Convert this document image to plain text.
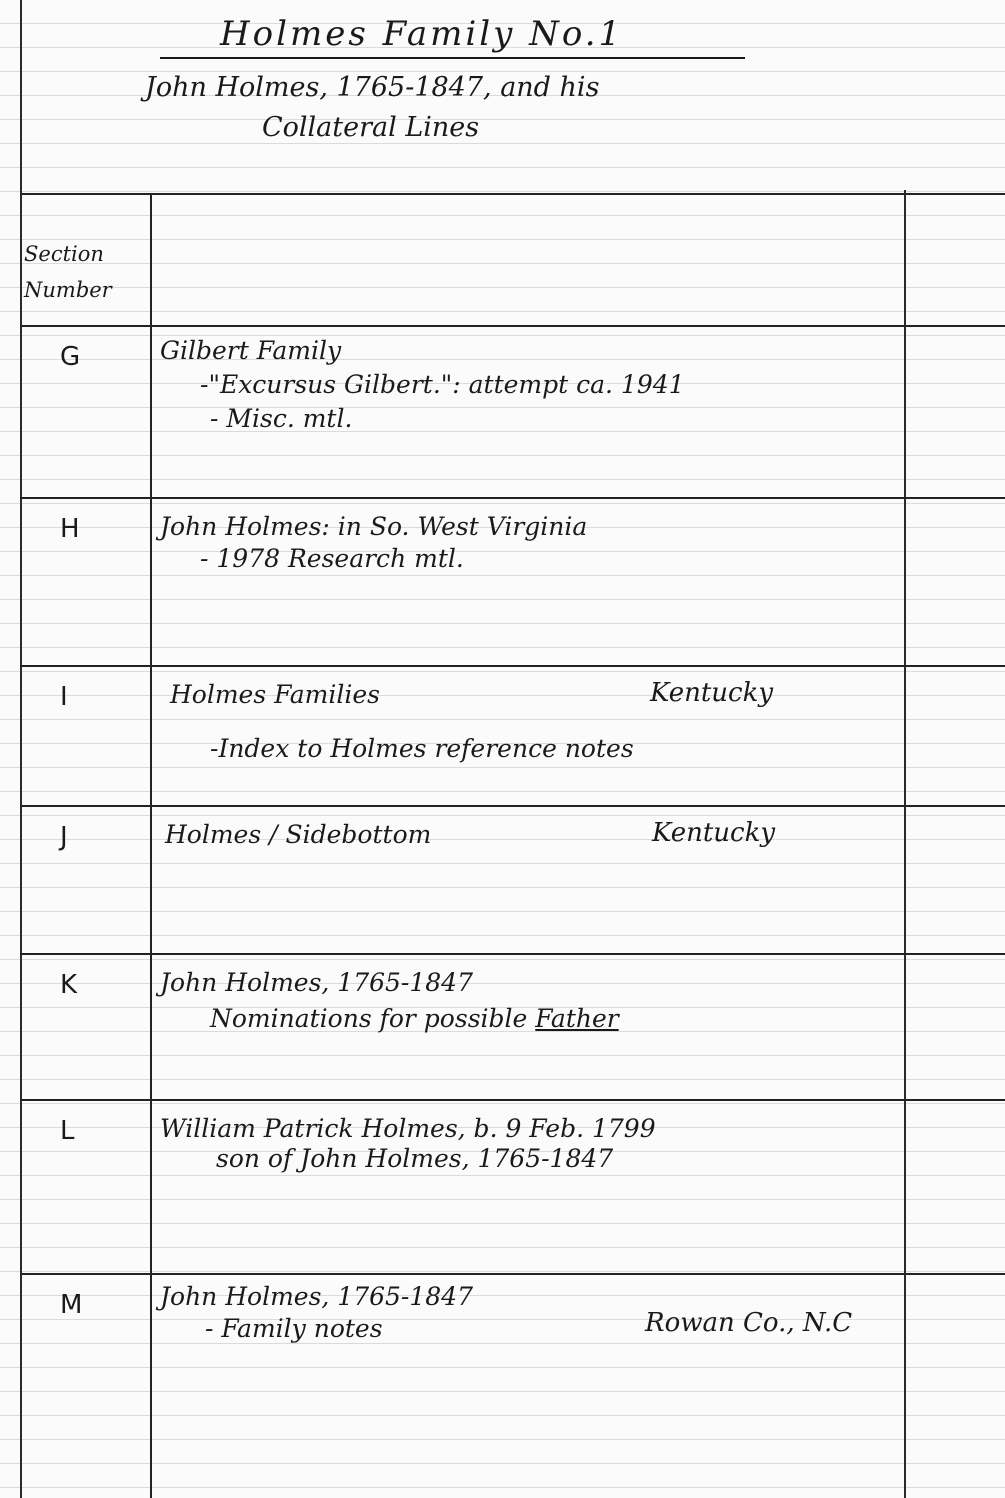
Holmes Family No.1
John Holmes, 1765-1847, and his
Collateral Lines
Section
Number
G	Gilbert Family
-"Excursus Gilbert.": attempt ca. 1941
- Misc. mtl.
H	John Holmes: in So. West Virginia
- 1978 Research mtl.
I	Holmes Families	Kentucky
-Index to Holmes reference notes
J	Holmes / Sidebottom	Kentucky
K	John Holmes, 1765-1847
Nominations for possible Father
L	William Patrick Holmes, b. 9 Feb. 1799
son of John Holmes, 1765-1847
M	John Holmes, 1765-1847
- Family notes	Rowan Co., N.C
